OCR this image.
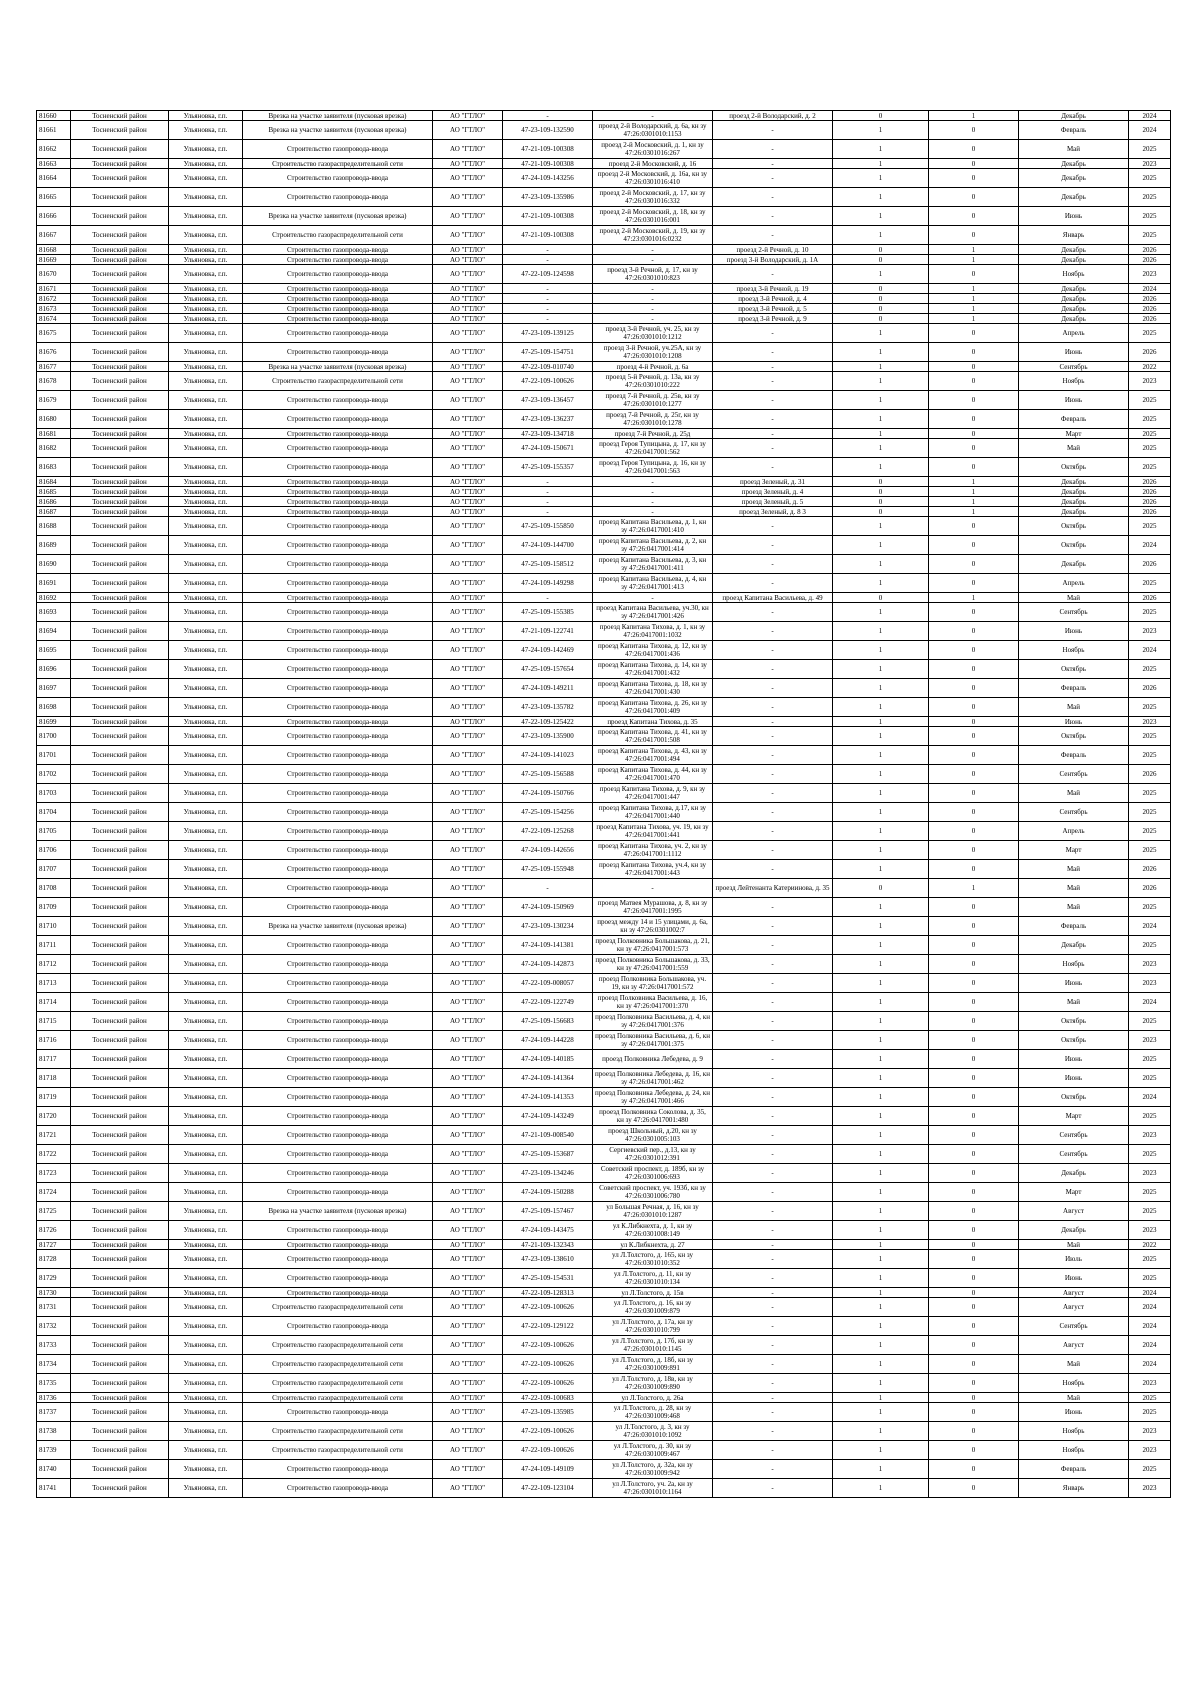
81660	Тосненский район	Ульяновка, г.п.	Врезка на участке заявителя (пусковая врезка)	АО "ГТЛО"	-	-	проезд 2-й Володарский, д. 2	0	1	Декабрь	2024
81661	Тосненский район	Ульяновка, г.п.	Врезка на участке заявителя (пусковая врезка)	АО "ГТЛО"	47-23-109-132590	проезд 2-й Володарский, д. 6а, кн зу 47:26:0301010:1153	-	1	0	Февраль	2024
81662	Тосненский район	Ульяновка, г.п.	Строительство газопровода-ввода	АО "ГТЛО"	47-21-109-100308	проезд 2-й Московский, д. 1, кн зу 47:26:0301016:267	-	1	0	Май	2025
81663	Тосненский район	Ульяновка, г.п.	Строительство газораспределительной сети	АО "ГТЛО"	47-21-109-100308	проезд 2-й Московский, д. 16	-	1	0	Декабрь	2023
81664	Тосненский район	Ульяновка, г.п.	Строительство газопровода-ввода	АО "ГТЛО"	47-24-109-143256	проезд 2-й Московский, д. 16а, кн зу 47:26:0301016:410	-	1	0	Декабрь	2025
81665	Тосненский район	Ульяновка, г.п.	Строительство газопровода-ввода	АО "ГТЛО"	47-23-109-135986	проезд 2-й Московский, д. 17, кн зу 47:26:0301016:332	-	1	0	Декабрь	2025
81666	Тосненский район	Ульяновка, г.п.	Врезка на участке заявителя (пусковая врезка)	АО "ГТЛО"	47-21-109-100308	проезд 2-й Московский, д. 18, кн зу 47:26:0301016:001	-	1	0	Июнь	2025
81667	Тосненский район	Ульяновка, г.п.	Строительство газораспределительной сети	АО "ГТЛО"	47-21-109-100308	проезд 2-й Московский, д. 19, кн зу 47:23:0301016:0232	-	1	0	Январь	2025
81668	Тосненский район	Ульяновка, г.п.	Строительство газопровода-ввода	АО "ГТЛО"	-	-	проезд 2-й Речной, д. 10	0	1	Декабрь	2026
81669	Тосненский район	Ульяновка, г.п.	Строительство газопровода-ввода	АО "ГТЛО"	-	-	проезд 3-й Володарский, д. 1А	0	1	Декабрь	2026
81670	Тосненский район	Ульяновка, г.п.	Строительство газопровода-ввода	АО "ГТЛО"	47-22-109-124598	проезд 3-й Речной, д. 17, кн зу 47:26:0301010:823	-	1	0	Ноябрь	2023
81671	Тосненский район	Ульяновка, г.п.	Строительство газопровода-ввода	АО "ГТЛО"	-	-	проезд 3-й Речной, д. 19	0	1	Декабрь	2024
81672	Тосненский район	Ульяновка, г.п.	Строительство газопровода-ввода	АО "ГТЛО"	-	-	проезд 3-й Речной, д. 4	0	1	Декабрь	2026
81673	Тосненский район	Ульяновка, г.п.	Строительство газопровода-ввода	АО "ГТЛО"	-	-	проезд 3-й Речной, д. 5	0	1	Декабрь	2026
81674	Тосненский район	Ульяновка, г.п.	Строительство газопровода-ввода	АО "ГТЛО"	-	-	проезд 3-й Речной, д. 9	0	1	Декабрь	2026
81675	Тосненский район	Ульяновка, г.п.	Строительство газопровода-ввода	АО "ГТЛО"	47-23-109-139125	проезд 3-й Речной, уч. 25, кн зу 47:26:0301010:1212	-	1	0	Апрель	2025
81676	Тосненский район	Ульяновка, г.п.	Строительство газопровода-ввода	АО "ГТЛО"	47-25-109-154751	проезд 3-й Речной, уч.25А, кн зу 47:26:0301010:1208	-	1	0	Июнь	2026
81677	Тосненский район	Ульяновка, г.п.	Врезка на участке заявителя (пусковая врезка)	АО "ГТЛО"	47-22-109-010740	проезд 4-й Речной, д. 6а	-	1	0	Сентябрь	2022
81678	Тосненский район	Ульяновка, г.п.	Строительство газораспределительной сети	АО "ГТЛО"	47-22-109-100626	проезд 5-й Речной, д. 13а, кн зу 47:26:0301010:222	-	1	0	Ноябрь	2023
81679	Тосненский район	Ульяновка, г.п.	Строительство газопровода-ввода	АО "ГТЛО"	47-23-109-136457	проезд 7-й Речной, д. 25в, кн зу 47:26:0301010:1277	-	1	0	Июнь	2025
81680	Тосненский район	Ульяновка, г.п.	Строительство газопровода-ввода	АО "ГТЛО"	47-23-109-136237	проезд 7-й Речной, д. 25г, кн зу 47:26:0301010:1278	-	1	0	Февраль	2025
81681	Тосненский район	Ульяновка, г.п.	Строительство газопровода-ввода	АО "ГТЛО"	47-23-109-134718	проезд 7-й Речной, д. 25д	-	1	0	Март	2025
81682	Тосненский район	Ульяновка, г.п.	Строительство газопровода-ввода	АО "ГТЛО"	47-24-109-150671	проезд Героя Тупицына, д. 17, кн зу 47:26:0417001:562	-	1	0	Май	2025
81683	Тосненский район	Ульяновка, г.п.	Строительство газопровода-ввода	АО "ГТЛО"	47-25-109-155357	проезд Героя Тупицына, д. 16, кн зу 47:26:0417001:563	-	1	0	Октябрь	2025
81684	Тосненский район	Ульяновка, г.п.	Строительство газопровода-ввода	АО "ГТЛО"	-	-	проезд Зеленый, д. 31	0	1	Декабрь	2026
81685	Тосненский район	Ульяновка, г.п.	Строительство газопровода-ввода	АО "ГТЛО"	-	-	проезд Зеленый, д. 4	0	1	Декабрь	2026
81686	Тосненский район	Ульяновка, г.п.	Строительство газопровода-ввода	АО "ГТЛО"	-	-	проезд Зеленый, д. 5	0	1	Декабрь	2026
81687	Тосненский район	Ульяновка, г.п.	Строительство газопровода-ввода	АО "ГТЛО"	-	-	проезд Зеленый, д. 8 3	0	1	Декабрь	2026
81688	Тосненский район	Ульяновка, г.п.	Строительство газопровода-ввода	АО "ГТЛО"	47-25-109-155850	проезд Капитана Васильева, д. 1, кн зу 47:26:0417001:410	-	1	0	Октябрь	2025
81689	Тосненский район	Ульяновка, г.п.	Строительство газопровода-ввода	АО "ГТЛО"	47-24-109-144700	проезд Капитана Васильева, д. 2, кн зу 47:26:0417001:414	-	1	0	Октябрь	2024
81690	Тосненский район	Ульяновка, г.п.	Строительство газопровода-ввода	АО "ГТЛО"	47-25-109-158512	проезд Капитана Васильева, д. 3, кн зу 47:26:0417001:411	-	1	0	Декабрь	2026
81691	Тосненский район	Ульяновка, г.п.	Строительство газопровода-ввода	АО "ГТЛО"	47-24-109-149298	проезд Капитана Васильева, д. 4, кн зу 47:26:0417001:413	-	1	0	Апрель	2025
81692	Тосненский район	Ульяновка, г.п.	Строительство газопровода-ввода	АО "ГТЛО"	-	-	проезд Капитана Васильева, д. 49	0	1	Май	2026
81693	Тосненский район	Ульяновка, г.п.	Строительство газопровода-ввода	АО "ГТЛО"	47-25-109-155385	проезд Капитана Васильева, уч.30, кн зу 47:26:0417001:426	-	1	0	Сентябрь	2025
81694	Тосненский район	Ульяновка, г.п.	Строительство газопровода-ввода	АО "ГТЛО"	47-21-109-122741	проезд Капитана Тихова, д. 1, кн зу 47:26:0417001:1032	-	1	0	Июнь	2023
81695	Тосненский район	Ульяновка, г.п.	Строительство газопровода-ввода	АО "ГТЛО"	47-24-109-142469	проезд Капитана Тихова, д. 12, кн зу 47:26:0417001:436	-	1	0	Ноябрь	2024
81696	Тосненский район	Ульяновка, г.п.	Строительство газопровода-ввода	АО "ГТЛО"	47-25-109-157654	проезд Капитана Тихова, д. 14, кн зу 47:26:0417001:432	-	1	0	Октябрь	2025
81697	Тосненский район	Ульяновка, г.п.	Строительство газопровода-ввода	АО "ГТЛО"	47-24-109-149211	проезд Капитана Тихова, д. 18, кн зу 47:26:0417001:430	-	1	0	Февраль	2026
81698	Тосненский район	Ульяновка, г.п.	Строительство газопровода-ввода	АО "ГТЛО"	47-23-109-135782	проезд Капитана Тихова, д. 26, кн зу 47:26:0417001:409	-	1	0	Май	2025
81699	Тосненский район	Ульяновка, г.п.	Строительство газопровода-ввода	АО "ГТЛО"	47-22-109-125422	проезд Капитана Тихова, д. 35	-	1	0	Июнь	2023
81700	Тосненский район	Ульяновка, г.п.	Строительство газопровода-ввода	АО "ГТЛО"	47-23-109-135900	проезд Капитана Тихова, д. 41, кн зу 47:26:0417001:508	-	1	0	Октябрь	2025
81701	Тосненский район	Ульяновка, г.п.	Строительство газопровода-ввода	АО "ГТЛО"	47-24-109-141023	проезд Капитана Тихова, д. 43, кн зу 47:26:0417001:494	-	1	0	Февраль	2025
81702	Тосненский район	Ульяновка, г.п.	Строительство газопровода-ввода	АО "ГТЛО"	47-25-109-156588	проезд Капитана Тихова, д. 44, кн зу 47:26:0417001:470	-	1	0	Сентябрь	2026
81703	Тосненский район	Ульяновка, г.п.	Строительство газопровода-ввода	АО "ГТЛО"	47-24-109-150766	проезд Капитана Тихова, д. 9, кн зу 47:26:0417001:447	-	1	0	Май	2025
81704	Тосненский район	Ульяновка, г.п.	Строительство газопровода-ввода	АО "ГТЛО"	47-25-109-154256	проезд Капитана Тихова, д.17, кн зу 47:26:0417001:440	-	1	0	Сентябрь	2025
81705	Тосненский район	Ульяновка, г.п.	Строительство газопровода-ввода	АО "ГТЛО"	47-22-109-125268	проезд Капитана Тихова, уч. 19, кн зу 47:26:0417001:441	-	1	0	Апрель	2025
81706	Тосненский район	Ульяновка, г.п.	Строительство газопровода-ввода	АО "ГТЛО"	47-24-109-142656	проезд Капитана Тихова, уч. 2, кн зу 47:26:0417001:1112	-	1	0	Март	2025
81707	Тосненский район	Ульяновка, г.п.	Строительство газопровода-ввода	АО "ГТЛО"	47-25-109-155948	проезд Капитана Тихова, уч.4, кн зу 47:26:0417001:443	-	1	0	Май	2026
81708	Тосненский район	Ульяновка, г.п.	Строительство газопровода-ввода	АО "ГТЛО"	-	-	проезд Лейтенанта Катериинова, д. 35	0	1	Май	2026
81709	Тосненский район	Ульяновка, г.п.	Строительство газопровода-ввода	АО "ГТЛО"	47-24-109-150969	проезд Матвея Мурашова, д. 8, кн зу 47:26:0417001:1995	-	1	0	Май	2025
81710	Тосненский район	Ульяновка, г.п.	Врезка на участке заявителя (пусковая врезка)	АО "ГТЛО"	47-23-109-130234	проезд между 14 и 15 улицами, д. 6а, кн зу 47:26:0301002:7	-	1	0	Февраль	2024
81711	Тосненский район	Ульяновка, г.п.	Строительство газопровода-ввода	АО "ГТЛО"	47-24-109-141381	проезд Полковника Большакова, д. 21, кн зу 47:26:0417001:573	-	1	0	Декабрь	2025
81712	Тосненский район	Ульяновка, г.п.	Строительство газопровода-ввода	АО "ГТЛО"	47-24-109-142873	проезд Полковника Большакова, д. 33, кн зу 47:26:0417001:559	-	1	0	Ноябрь	2023
81713	Тосненский район	Ульяновка, г.п.	Строительство газопровода-ввода	АО "ГТЛО"	47-22-109-008057	проезд Полковника Большакова, уч. 19, кн зу 47:26:0417001:572	-	1	0	Июнь	2023
81714	Тосненский район	Ульяновка, г.п.	Строительство газопровода-ввода	АО "ГТЛО"	47-22-109-122749	проезд Полковника Васильева, д. 16, кн зу 47:26:0417001:370	-	1	0	Май	2024
81715	Тосненский район	Ульяновка, г.п.	Строительство газопровода-ввода	АО "ГТЛО"	47-25-109-156683	проезд Полковника Васильева, д. 4, кн зу 47:26:0417001:376	-	1	0	Октябрь	2025
81716	Тосненский район	Ульяновка, г.п.	Строительство газопровода-ввода	АО "ГТЛО"	47-24-109-144228	проезд Полковника Васильева, д. 6, кн зу 47:26:0417001:375	-	1	0	Октябрь	2023
81717	Тосненский район	Ульяновка, г.п.	Строительство газопровода-ввода	АО "ГТЛО"	47-24-109-140185	проезд Полковника Лебедева, д. 9	-	1	0	Июнь	2025
81718	Тосненский район	Ульяновка, г.п.	Строительство газопровода-ввода	АО "ГТЛО"	47-24-109-141364	проезд Полковника Лебедева, д. 16, кн зу 47:26:0417001:462	-	1	0	Июнь	2025
81719	Тосненский район	Ульяновка, г.п.	Строительство газопровода-ввода	АО "ГТЛО"	47-24-109-141353	проезд Полковника Лебедева, д. 24, кн зу 47:26:0417001:466	-	1	0	Октябрь	2024
81720	Тосненский район	Ульяновка, г.п.	Строительство газопровода-ввода	АО "ГТЛО"	47-24-109-143249	проезд Полковника Соколова, д. 35, кн зу 47:26:0417001:480	-	1	0	Март	2025
81721	Тосненский район	Ульяновка, г.п.	Строительство газопровода-ввода	АО "ГТЛО"	47-21-109-008540	проезд Школьный, д.20, кн зу 47:26:0301005:103	-	1	0	Сентябрь	2023
81722	Тосненский район	Ульяновка, г.п.	Строительство газопровода-ввода	АО "ГТЛО"	47-25-109-153687	Сергиевский пер., д.13, кн зу 47:26:0301012:391	-	1	0	Сентябрь	2025
81723	Тосненский район	Ульяновка, г.п.	Строительство газопровода-ввода	АО "ГТЛО"	47-23-109-134246	Советский проспект, д. 189б, кн зу 47:26:0301006:693	-	1	0	Декабрь	2023
81724	Тосненский район	Ульяновка, г.п.	Строительство газопровода-ввода	АО "ГТЛО"	47-24-109-150288	Советский проспект, уч. 193б, кн зу 47:26:0301006:780	-	1	0	Март	2025
81725	Тосненский район	Ульяновка, г.п.	Врезка на участке заявителя (пусковая врезка)	АО "ГТЛО"	47-25-109-157467	ул Большая Речная, д. 16, кн зу 47:26:0301010:1287	-	1	0	Август	2025
81726	Тосненский район	Ульяновка, г.п.	Строительство газопровода-ввода	АО "ГТЛО"	47-24-109-143475	ул К.Либкнехта, д. 1, кн зу 47:26:0301008:149	-	1	0	Декабрь	2023
81727	Тосненский район	Ульяновка, г.п.	Строительство газопровода-ввода	АО "ГТЛО"	47-21-109-132343	ул К.Либкнехта, д. 27	-	1	0	Май	2022
81728	Тосненский район	Ульяновка, г.п.	Строительство газопровода-ввода	АО "ГТЛО"	47-23-109-138610	ул Л.Толстого, д. 165, кн зу 47:26:0301010:352	-	1	0	Июль	2025
81729	Тосненский район	Ульяновка, г.п.	Строительство газопровода-ввода	АО "ГТЛО"	47-25-109-154531	ул Л.Толстого, д. 11, кн зу 47:26:0301010:134	-	1	0	Июнь	2025
81730	Тосненский район	Ульяновка, г.п.	Строительство газопровода-ввода	АО "ГТЛО"	47-22-109-128313	ул Л.Толстого, д. 15в	-	1	0	Август	2024
81731	Тосненский район	Ульяновка, г.п.	Строительство газораспределительной сети	АО "ГТЛО"	47-22-109-100626	ул Л.Толстого, д. 16, кн зу 47:26:0301009:879	-	1	0	Август	2024
81732	Тосненский район	Ульяновка, г.п.	Строительство газопровода-ввода	АО "ГТЛО"	47-22-109-129122	ул Л.Толстого, д. 17а, кн зу 47:26:0301010:799	-	1	0	Сентябрь	2024
81733	Тосненский район	Ульяновка, г.п.	Строительство газораспределительной сети	АО "ГТЛО"	47-22-109-100626	ул Л.Толстого, д. 17б, кн зу 47:26:0301010:1145	-	1	0	Август	2024
81734	Тосненский район	Ульяновка, г.п.	Строительство газораспределительной сети	АО "ГТЛО"	47-22-109-100626	ул Л.Толстого, д. 18б, кн зу 47:26:0301009:891	-	1	0	Май	2024
81735	Тосненский район	Ульяновка, г.п.	Строительство газораспределительной сети	АО "ГТЛО"	47-22-109-100626	ул Л.Толстого, д. 18в, кн зу 47:26:0301009:890	-	1	0	Ноябрь	2023
81736	Тосненский район	Ульяновка, г.п.	Строительство газораспределительной сети	АО "ГТЛО"	47-22-109-100683	ул Л.Толстого, д. 26а	-	1	0	Май	2025
81737	Тосненский район	Ульяновка, г.п.	Строительство газопровода-ввода	АО "ГТЛО"	47-23-109-135985	ул Л.Толстого, д. 28, кн зу 47:26:0301009:468	-	1	0	Июнь	2025
81738	Тосненский район	Ульяновка, г.п.	Строительство газораспределительной сети	АО "ГТЛО"	47-22-109-100626	ул Л.Толстого, д. 3, кн зу 47:26:0301010:1092	-	1	0	Ноябрь	2023
81739	Тосненский район	Ульяновка, г.п.	Строительство газораспределительной сети	АО "ГТЛО"	47-22-109-100626	ул Л.Толстого, д. 30, кн зу 47:26:0301009:467	-	1	0	Ноябрь	2023
81740	Тосненский район	Ульяновка, г.п.	Строительство газопровода-ввода	АО "ГТЛО"	47-24-109-149109	ул Л.Толстого, д. 32а, кн зу 47:26:0301009:942	-	1	0	Февраль	2025
81741	Тосненский район	Ульяновка, г.п.	Строительство газопровода-ввода	АО "ГТЛО"	47-22-109-123104	ул Л.Толстого, уч. 2а, кн зу 47:26:0301010:1164	-	1	0	Январь	2023
